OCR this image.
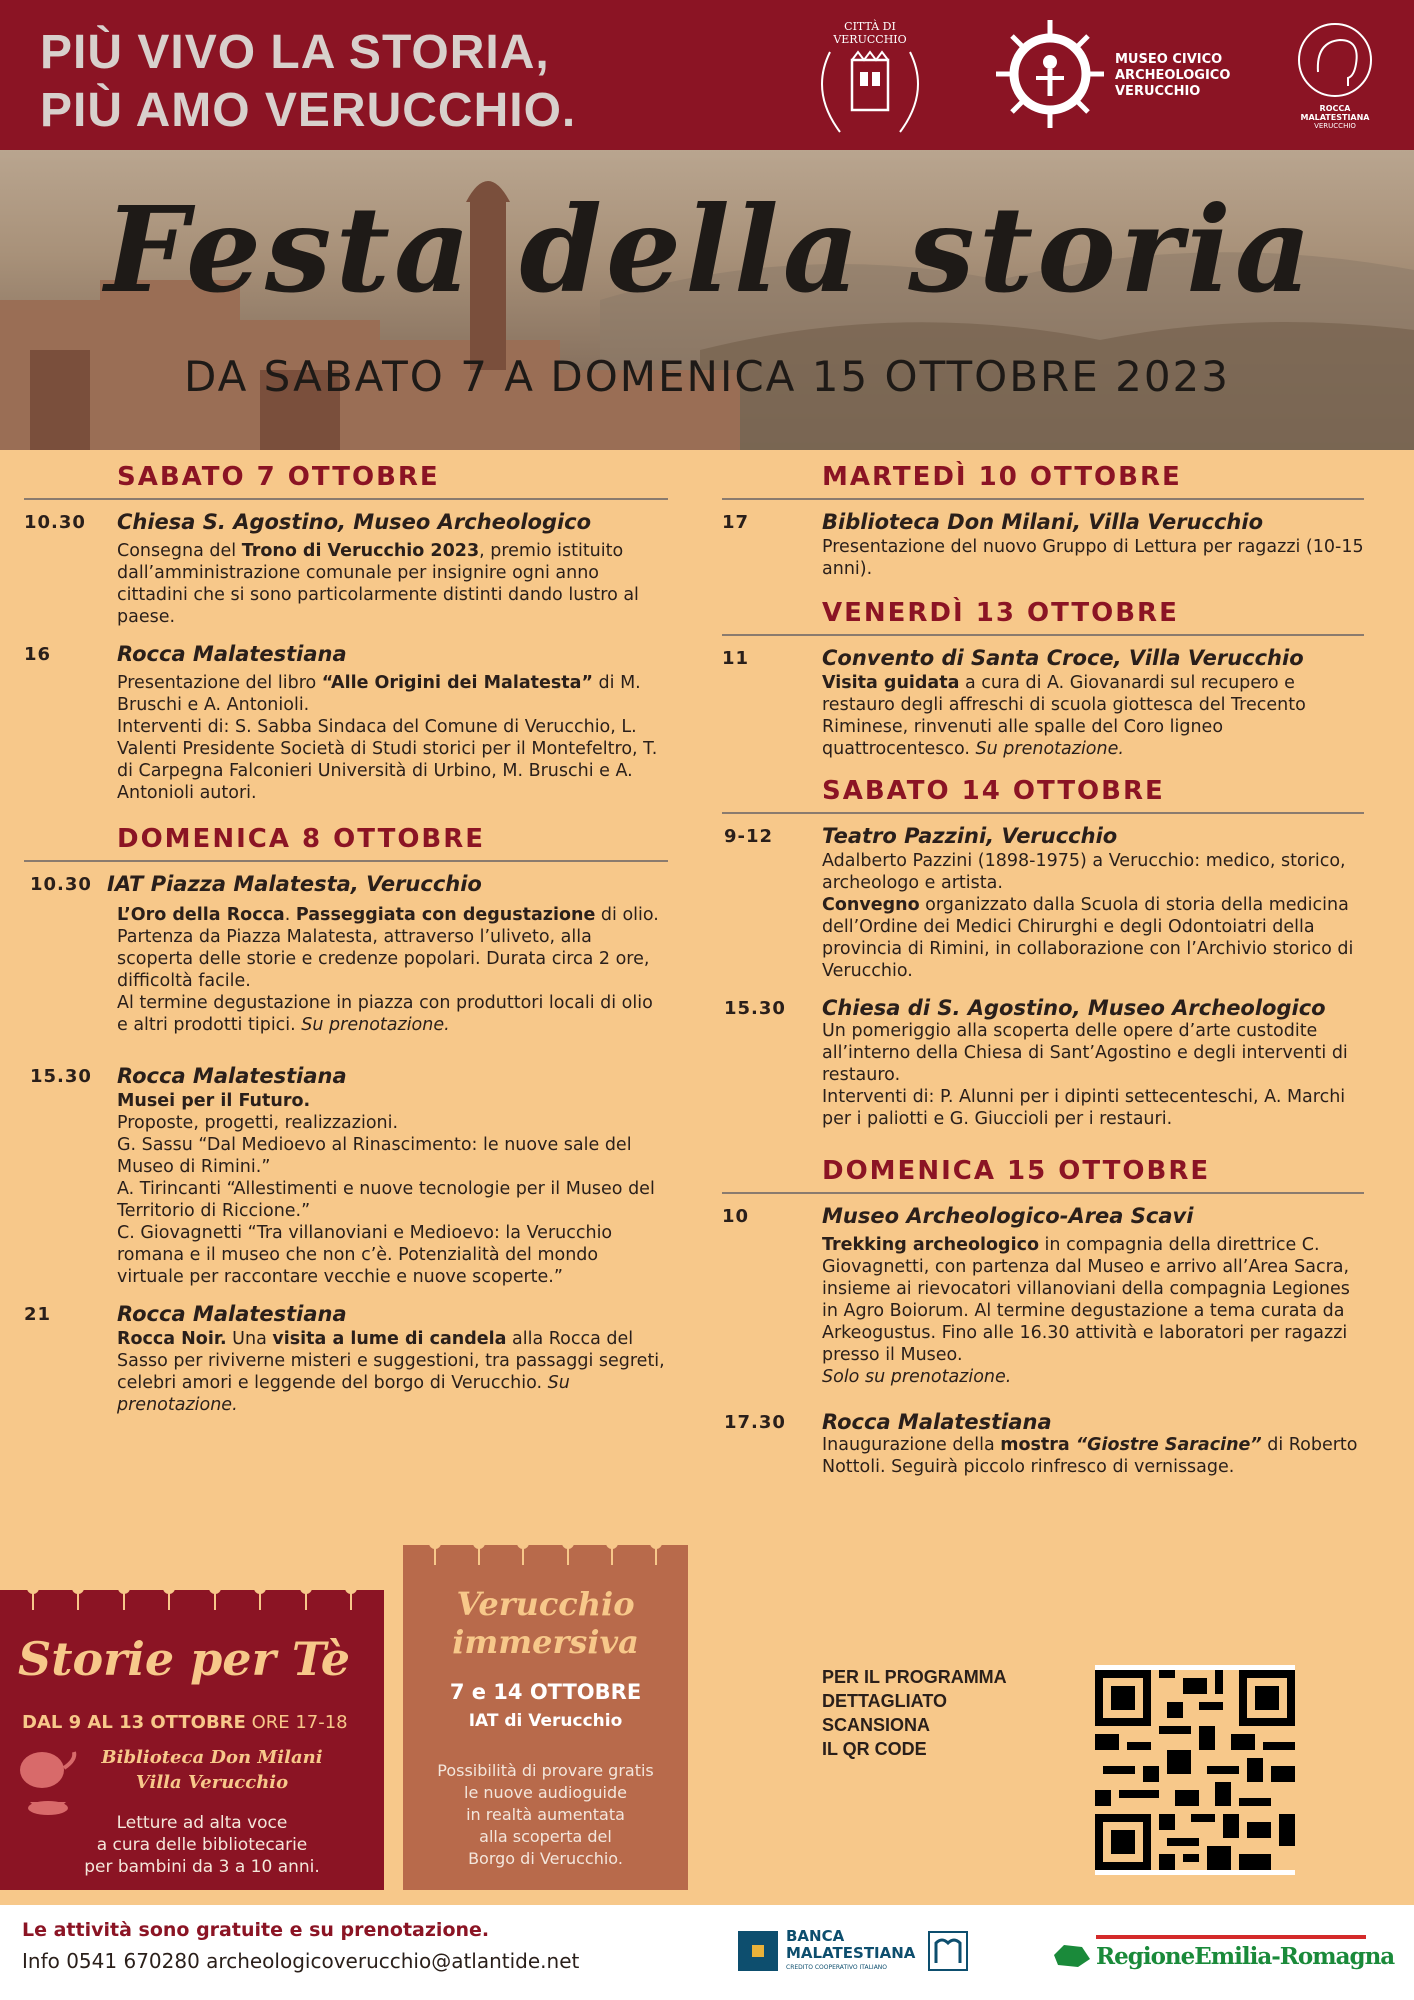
PIÙ VIVO LA STORIA,
PIÙ AMO VERUCCHIO.
CITTÀ DI VERUCCHIO
MUSEO CIVICO
ARCHEOLOGICO
VERUCCHIO
ROCCA
MALATESTIANA
VERUCCHIO
Festa della storia
DA SABATO 7 A DOMENICA 15 OTTOBRE 2023
SABATO 7 OTTOBRE
10.30 Chiesa S. Agostino, Museo Archeologico
Consegna del Trono di Verucchio 2023, premio istituito dall’amministrazione comunale per insignire ogni anno cittadini che si sono particolarmente distinti dando lustro al paese.
16	Rocca Malatestiana
Presentazione del libro “Alle Origini dei Malatesta” di M. Bruschi e A. Antonioli.
Interventi di: S. Sabba Sindaca del Comune di Verucchio, L. Valenti Presidente Società di Studi storici per il Montefeltro, T. di Carpegna Falconieri Università di Urbino, M. Bruschi e A. Antonioli autori.
DOMENICA 8 OTTOBRE
10.30 IAT Piazza Malatesta, Verucchio
L’Oro della Rocca. Passeggiata con degustazione di olio. Partenza da Piazza Malatesta, attraverso l’uliveto, alla scoperta delle storie e credenze popolari. Durata circa 2 ore, difficoltà facile.
Al termine degustazione in piazza con produttori locali di olio e altri prodotti tipici. Su prenotazione.
15.30 Rocca Malatestiana
Musei per il Futuro.
Proposte, progetti, realizzazioni.
G. Sassu “Dal Medioevo al Rinascimento: le nuove sale del Museo di Rimini.”
A. Tirincanti “Allestimenti e nuove tecnologie per il Museo del Territorio di Riccione.”
C. Giovagnetti “Tra villanoviani e Medioevo: la Verucchio romana e il museo che non c’è. Potenzialità del mondo virtuale per raccontare vecchie e nuove scoperte.”
21	Rocca Malatestiana
Rocca Noir. Una visita a lume di candela alla Rocca del Sasso per riviverne misteri e suggestioni, tra passaggi segreti, celebri amori e leggende del borgo di Verucchio. Su prenotazione.
MARTEDÌ 10 OTTOBRE
17	Biblioteca Don Milani, Villa Verucchio
Presentazione del nuovo Gruppo di Lettura per ragazzi (10-15 anni).
VENERDÌ 13 OTTOBRE
11	Convento di Santa Croce, Villa Verucchio
Visita guidata a cura di A. Giovanardi sul recupero e restauro degli affreschi di scuola giottesca del Trecento Riminese, rinvenuti alle spalle del Coro ligneo quattrocentesco. Su prenotazione.
SABATO 14 OTTOBRE
9-12 Teatro Pazzini, Verucchio
Adalberto Pazzini (1898-1975) a Verucchio: medico, storico, archeologo e artista.
Convegno organizzato dalla Scuola di storia della medicina dell’Ordine dei Medici Chirurghi e degli Odontoiatri della provincia di Rimini, in collaborazione con l’Archivio storico di Verucchio.
15.30 Chiesa di S. Agostino, Museo Archeologico
Un pomeriggio alla scoperta delle opere d’arte custodite all’interno della Chiesa di Sant’Agostino e degli interventi di restauro.
Interventi di: P. Alunni per i dipinti settecenteschi, A. Marchi per i paliotti e G. Giuccioli per i restauri.
DOMENICA 15 OTTOBRE
10	Museo Archeologico-Area Scavi
Trekking archeologico in compagnia della direttrice C. Giovagnetti, con partenza dal Museo e arrivo all’Area Sacra, insieme ai rievocatori villanoviani della compagnia Legiones in Agro Boiorum. Al termine degustazione a tema curata da Arkeogustus. Fino alle 16.30 attività e laboratori per ragazzi presso il Museo.
Solo su prenotazione.
17.30 Rocca Malatestiana
Inaugurazione della mostra “Giostre Saracine” di Roberto Nottoli. Seguirà piccolo rinfresco di vernissage.
Storie per Tè
DAL 9 AL 13 OTTOBRE ORE 17-18
Biblioteca Don Milani
Villa Verucchio
Letture ad alta voce
a cura delle bibliotecarie
per bambini da 3 a 10 anni.
Verucchio
immersiva
7 e 14 OTTOBRE
IAT di Verucchio
Possibilità di provare gratis
le nuove audioguide
in realtà aumentata
alla scoperta del
Borgo di Verucchio.
PER IL PROGRAMMA
DETTAGLIATO
SCANSIONA
IL QR CODE
Le attività sono gratuite e su prenotazione.
Info 0541 670280 archeologicoverucchio@atlantide.net
BANCA
MALATESTIANA
CREDITO COOPERATIVO ITALIANO	RegioneEmilia-Romagna
